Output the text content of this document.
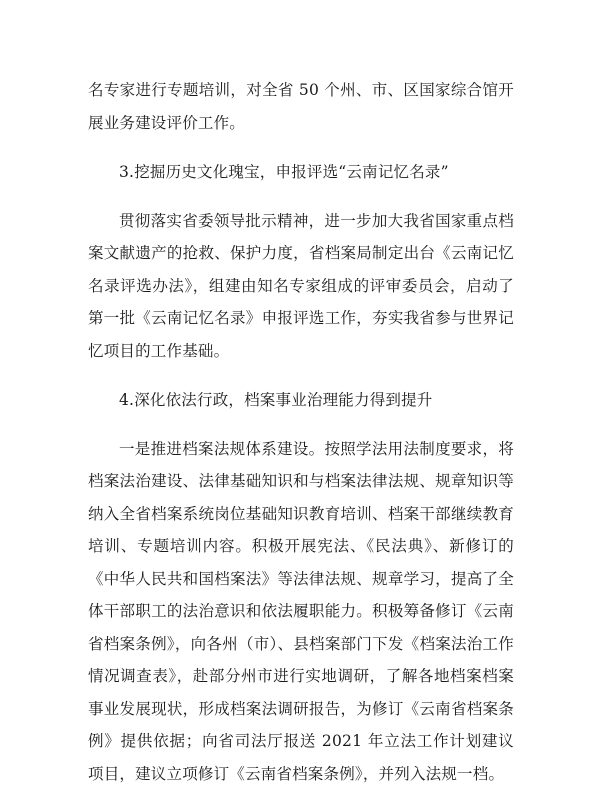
名专家进行专题培训，对全省 50 个州、市、区国家综合馆开展业务建设评价工作。

3.挖掘历史文化瑰宝，申报评选“云南记忆名录”

贯彻落实省委领导批示精神，进一步加大我省国家重点档案文献遗产的抢救、保护力度，省档案局制定出台《云南记忆名录评选办法》，组建由知名专家组成的评审委员会，启动了第一批《云南记忆名录》申报评选工作，夯实我省参与世界记忆项目的工作基础。

4.深化依法行政，档案事业治理能力得到提升

一是推进档案法规体系建设。按照学法用法制度要求，将档案法治建设、法律基础知识和与档案法律法规、规章知识等纳入全省档案系统岗位基础知识教育培训、档案干部继续教育培训、专题培训内容。积极开展宪法、《民法典》、新修订的《中华人民共和国档案法》等法律法规、规章学习，提高了全体干部职工的法治意识和依法履职能力。积极筹备修订《云南省档案条例》，向各州（市）、县档案部门下发《档案法治工作情况调查表》，赴部分州市进行实地调研，了解各地档案档案事业发展现状，形成档案法调研报告，为修订《云南省档案条例》提供依据；向省司法厅报送 2021 年立法工作计划建议项目，建议立项修订《云南省档案条例》，并列入法规一档。
